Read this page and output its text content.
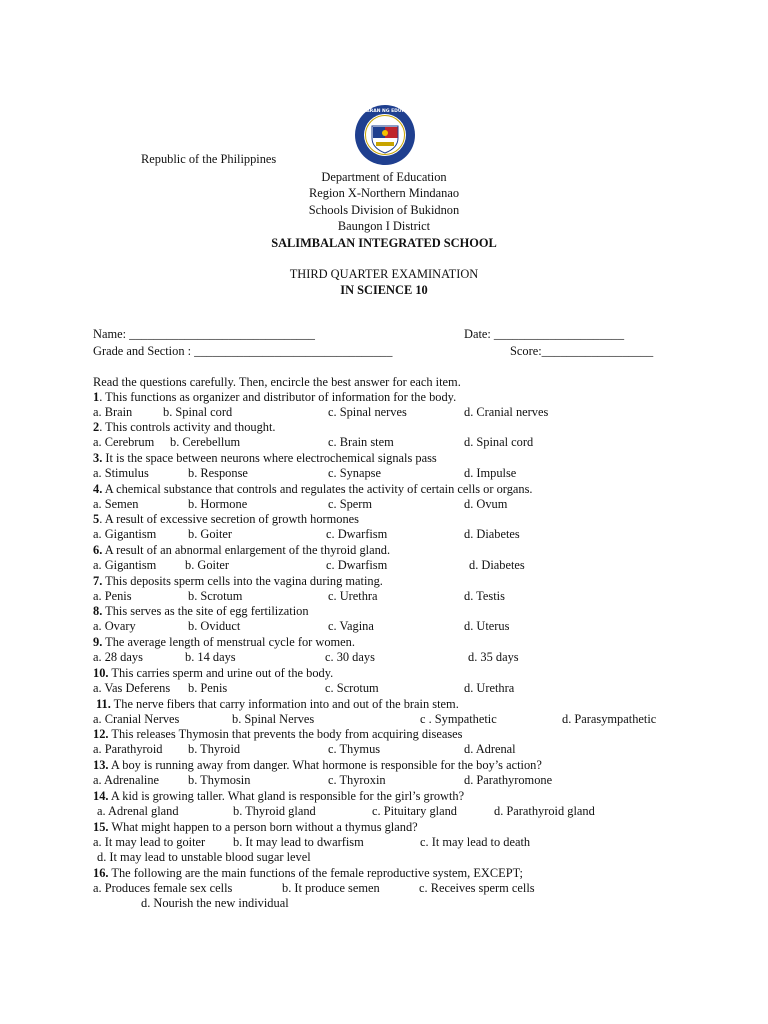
KAGAWARAN NG EDUKASYON
Republic of the Philippines
Department of Education
Region X-Northern Mindanao
Schools Division of Bukidnon
Baungon I District
SALIMBALAN INTEGRATED SCHOOL
THIRD QUARTER EXAMINATION
IN SCIENCE 10
Name: ______________________________	Date: _____________________
Grade and Section : ________________________________	Score:__________________
Read the questions carefully. Then, encircle the best answer for each item.
1. This functions as organizer and distributor of information for the body.
a. Brain b. Spinal cord	c. Spinal nerves	d. Cranial nerves
2. This controls activity and thought.
a. Cerebrum b. Cerebellum	c. Brain stem	d. Spinal cord
3. It is the space between neurons where electrochemical signals pass
a. Stimulus	b. Response	c. Synapse	d. Impulse
4. A chemical substance that controls and regulates the activity of certain cells or organs.
a. Semen	b. Hormone	c. Sperm	d. Ovum
5. A result of excessive secretion of growth hormones
a. Gigantism	b. Goiter	c. Dwarfism	d. Diabetes
6. A result of an abnormal enlargement of the thyroid gland.
a. Gigantism b. Goiter	c. Dwarfism	d. Diabetes
7. This deposits sperm cells into the vagina during mating.
a. Penis	b. Scrotum	c. Urethra	d. Testis
8. This serves as the site of egg fertilization
a. Ovary	b. Oviduct	c. Vagina	d. Uterus
9. The average length of menstrual cycle for women.
a. 28 days	b. 14 days	c. 30 days	d. 35 days
10. This carries sperm and urine out of the body.
a. Vas Deferens b. Penis	c. Scrotum	d. Urethra
11. The nerve fibers that carry information into and out of the brain stem.
a. Cranial Nerves	b. Spinal Nerves	c . Sympathetic	d. Parasympathetic
12. This releases Thymosin that prevents the body from acquiring diseases
a. Parathyroid b. Thyroid	c. Thymus	d. Adrenal
13. A boy is running away from danger. What hormone is responsible for the boy’s action?
a. Adrenaline b. Thymosin	c. Thyroxin	d. Parathyromone
14. A kid is growing taller. What gland is responsible for the girl’s growth?
a. Adrenal gland	b. Thyroid gland	c. Pituitary gland	d. Parathyroid gland
15. What might happen to a person born without a thymus gland?
a. It may lead to goiter b. It may lead to dwarfism	c. It may lead to death
d. It may lead to unstable blood sugar level
16. The following are the main functions of the female reproductive system, EXCEPT;
a. Produces female sex cells	b. It produce semen	c. Receives sperm cells
d. Nourish the new individual
